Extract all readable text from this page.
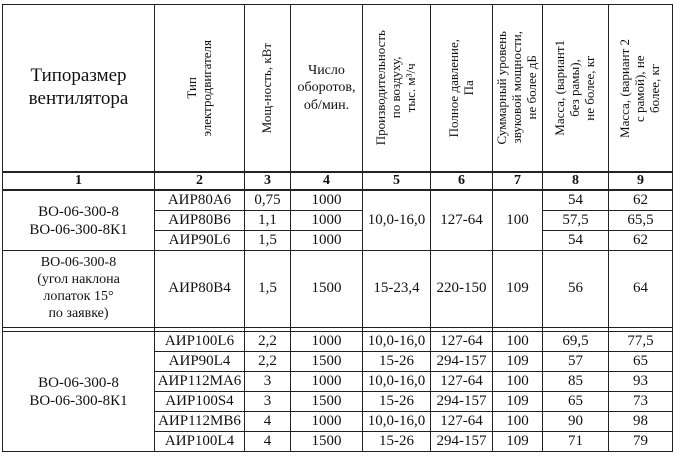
Типоразмер
вентилятора	Тип электродвигателя	Мощ-ность, кВт	Число
оборотов,
об/мин.	Производительность по воздуху, тыс. м³/ч	Полное давление, Па	Суммарный уровень звуковой мощности, не более дБ	Масса, (вариант1 без рамы), не более, кг	Масса, (вариант 2 с рамой), не более, кг

1	2	3	4	5	6	7	8	9

ВО-06-300-8
ВО-06-300-8К1	АИР80А6	0,75	1000	10,0-16,0	127-64	100	54	62
	АИР80В6	1,1	1000				57,5	65,5
	АИР90L6	1,5	1000				54	62

ВО-06-300-8
(угол наклона
лопаток 15°
по заявке)	АИР80В4	1,5	1500	15-23,4	220-150	109	56	64

ВО-06-300-8
ВО-06-300-8К1	АИР100L6	2,2	1000	10,0-16,0	127-64	100	69,5	77,5
	АИР90L4	2,2	1500	15-26	294-157	109	57	65
	АИР112МА6	3	1000	10,0-16,0	127-64	100	85	93
	АИР100S4	3	1500	15-26	294-157	109	65	73
	АИР112МВ6	4	1000	10,0-16,0	127-64	100	90	98
	АИР100L4	4	1500	15-26	294-157	109	71	79
